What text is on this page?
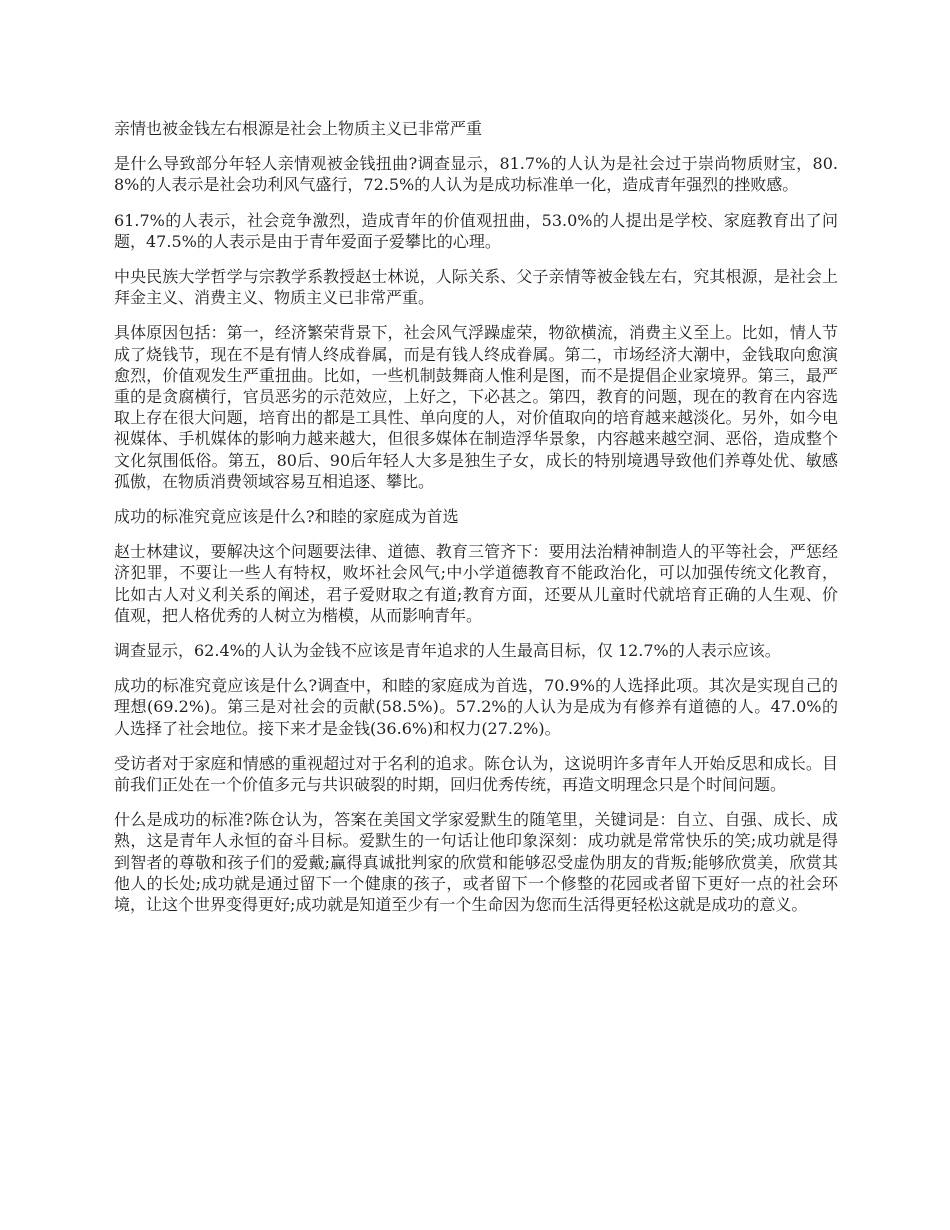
亲情也被金钱左右根源是社会上物质主义已非常严重

是什么导致部分年轻人亲情观被金钱扭曲?调查显示，81.7%的人认为是社会过于崇尚物质财宝，80.8%的人表示是社会功利风气盛行，72.5%的人认为是成功标准单一化，造成青年强烈的挫败感。

61.7%的人表示，社会竞争激烈，造成青年的价值观扭曲，53.0%的人提出是学校、家庭教育出了问题，47.5%的人表示是由于青年爱面子爱攀比的心理。

中央民族大学哲学与宗教学系教授赵士林说，人际关系、父子亲情等被金钱左右，究其根源，是社会上拜金主义、消费主义、物质主义已非常严重。

具体原因包括：第一，经济繁荣背景下，社会风气浮躁虚荣，物欲横流，消费主义至上。比如，情人节成了烧钱节，现在不是有情人终成眷属，而是有钱人终成眷属。第二，市场经济大潮中，金钱取向愈演愈烈，价值观发生严重扭曲。比如，一些机制鼓舞商人惟利是图，而不是提倡企业家境界。第三，最严重的是贪腐横行，官员恶劣的示范效应，上好之，下必甚之。第四，教育的问题，现在的教育在内容选取上存在很大问题，培育出的都是工具性、单向度的人，对价值取向的培育越来越淡化。另外，如今电视媒体、手机媒体的影响力越来越大，但很多媒体在制造浮华景象，内容越来越空洞、恶俗，造成整个文化氛围低俗。第五，80后、90后年轻人大多是独生子女，成长的特别境遇导致他们养尊处优、敏感孤傲，在物质消费领域容易互相追逐、攀比。

成功的标准究竟应该是什么?和睦的家庭成为首选

赵士林建议，要解决这个问题要法律、道德、教育三管齐下：要用法治精神制造人的平等社会，严惩经济犯罪，不要让一些人有特权，败坏社会风气;中小学道德教育不能政治化，可以加强传统文化教育，比如古人对义利关系的阐述，君子爱财取之有道;教育方面，还要从儿童时代就培育正确的人生观、价值观，把人格优秀的人树立为楷模，从而影响青年。

调查显示，62.4%的人认为金钱不应该是青年追求的人生最高目标，仅 12.7%的人表示应该。

成功的标准究竟应该是什么?调查中，和睦的家庭成为首选，70.9%的人选择此项。其次是实现自己的理想(69.2%)。第三是对社会的贡献(58.5%)。57.2%的人认为是成为有修养有道德的人。47.0%的人选择了社会地位。接下来才是金钱(36.6%)和权力(27.2%)。

受访者对于家庭和情感的重视超过对于名利的追求。陈仓认为，这说明许多青年人开始反思和成长。目前我们正处在一个价值多元与共识破裂的时期，回归优秀传统，再造文明理念只是个时间问题。

什么是成功的标准?陈仓认为，答案在美国文学家爱默生的随笔里，关键词是：自立、自强、成长、成熟，这是青年人永恒的奋斗目标。爱默生的一句话让他印象深刻：成功就是常常快乐的笑;成功就是得到智者的尊敬和孩子们的爱戴;赢得真诚批判家的欣赏和能够忍受虚伪朋友的背叛;能够欣赏美，欣赏其他人的长处;成功就是通过留下一个健康的孩子，或者留下一个修整的花园或者留下更好一点的社会环境，让这个世界变得更好;成功就是知道至少有一个生命因为您而生活得更轻松这就是成功的意义。
